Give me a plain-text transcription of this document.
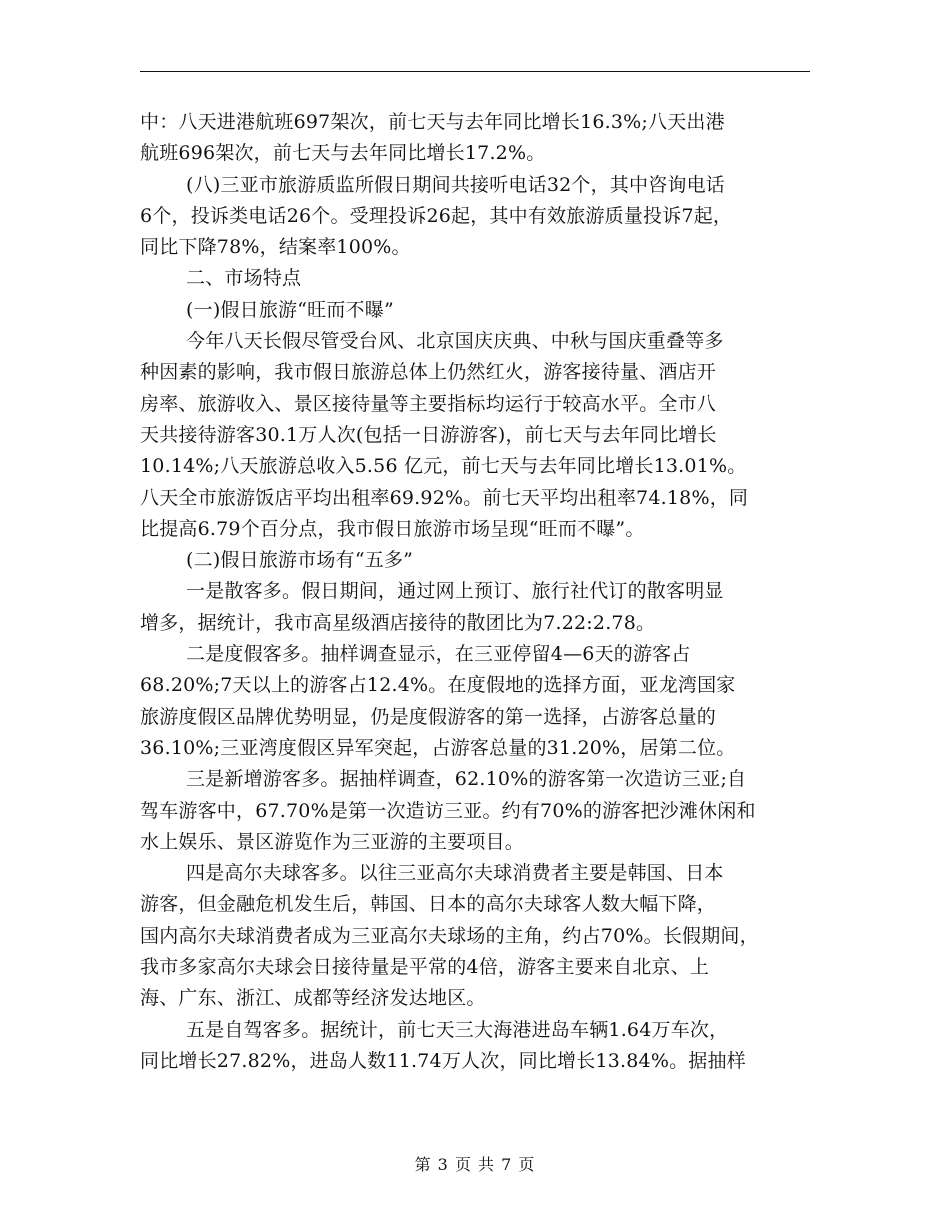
中：八天进港航班697架次，前七天与去年同比增长16.3%;八天出港
航班696架次，前七天与去年同比增长17.2%。
(八)三亚市旅游质监所假日期间共接听电话32个，其中咨询电话
6个，投诉类电话26个。受理投诉26起，其中有效旅游质量投诉7起，
同比下降78%，结案率100%。
二、市场特点
(一)假日旅游“旺而不曝”
今年八天长假尽管受台风、北京国庆庆典、中秋与国庆重叠等多
种因素的影响，我市假日旅游总体上仍然红火，游客接待量、酒店开
房率、旅游收入、景区接待量等主要指标均运行于较高水平。全市八
天共接待游客30.1万人次(包括一日游游客)，前七天与去年同比增长
10.14%;八天旅游总收入5.56 亿元，前七天与去年同比增长13.01%。
八天全市旅游饭店平均出租率69.92%。前七天平均出租率74.18%，同
比提高6.79个百分点，我市假日旅游市场呈现“旺而不曝”。
(二)假日旅游市场有“五多”
一是散客多。假日期间，通过网上预订、旅行社代订的散客明显
增多，据统计，我市高星级酒店接待的散团比为7.22:2.78。
二是度假客多。抽样调查显示，在三亚停留4—6天的游客占
68.20%;7天以上的游客占12.4%。在度假地的选择方面，亚龙湾国家
旅游度假区品牌优势明显，仍是度假游客的第一选择，占游客总量的
36.10%;三亚湾度假区异军突起，占游客总量的31.20%，居第二位。
三是新增游客多。据抽样调查，62.10%的游客第一次造访三亚;自
驾车游客中，67.70%是第一次造访三亚。约有70%的游客把沙滩休闲和
水上娱乐、景区游览作为三亚游的主要项目。
四是高尔夫球客多。以往三亚高尔夫球消费者主要是韩国、日本
游客，但金融危机发生后，韩国、日本的高尔夫球客人数大幅下降，
国内高尔夫球消费者成为三亚高尔夫球场的主角，约占70%。长假期间，
我市多家高尔夫球会日接待量是平常的4倍，游客主要来自北京、上
海、广东、浙江、成都等经济发达地区。
五是自驾客多。据统计，前七天三大海港进岛车辆1.64万车次，
同比增长27.82%，进岛人数11.74万人次，同比增长13.84%。据抽样
第 3 页 共 7 页
